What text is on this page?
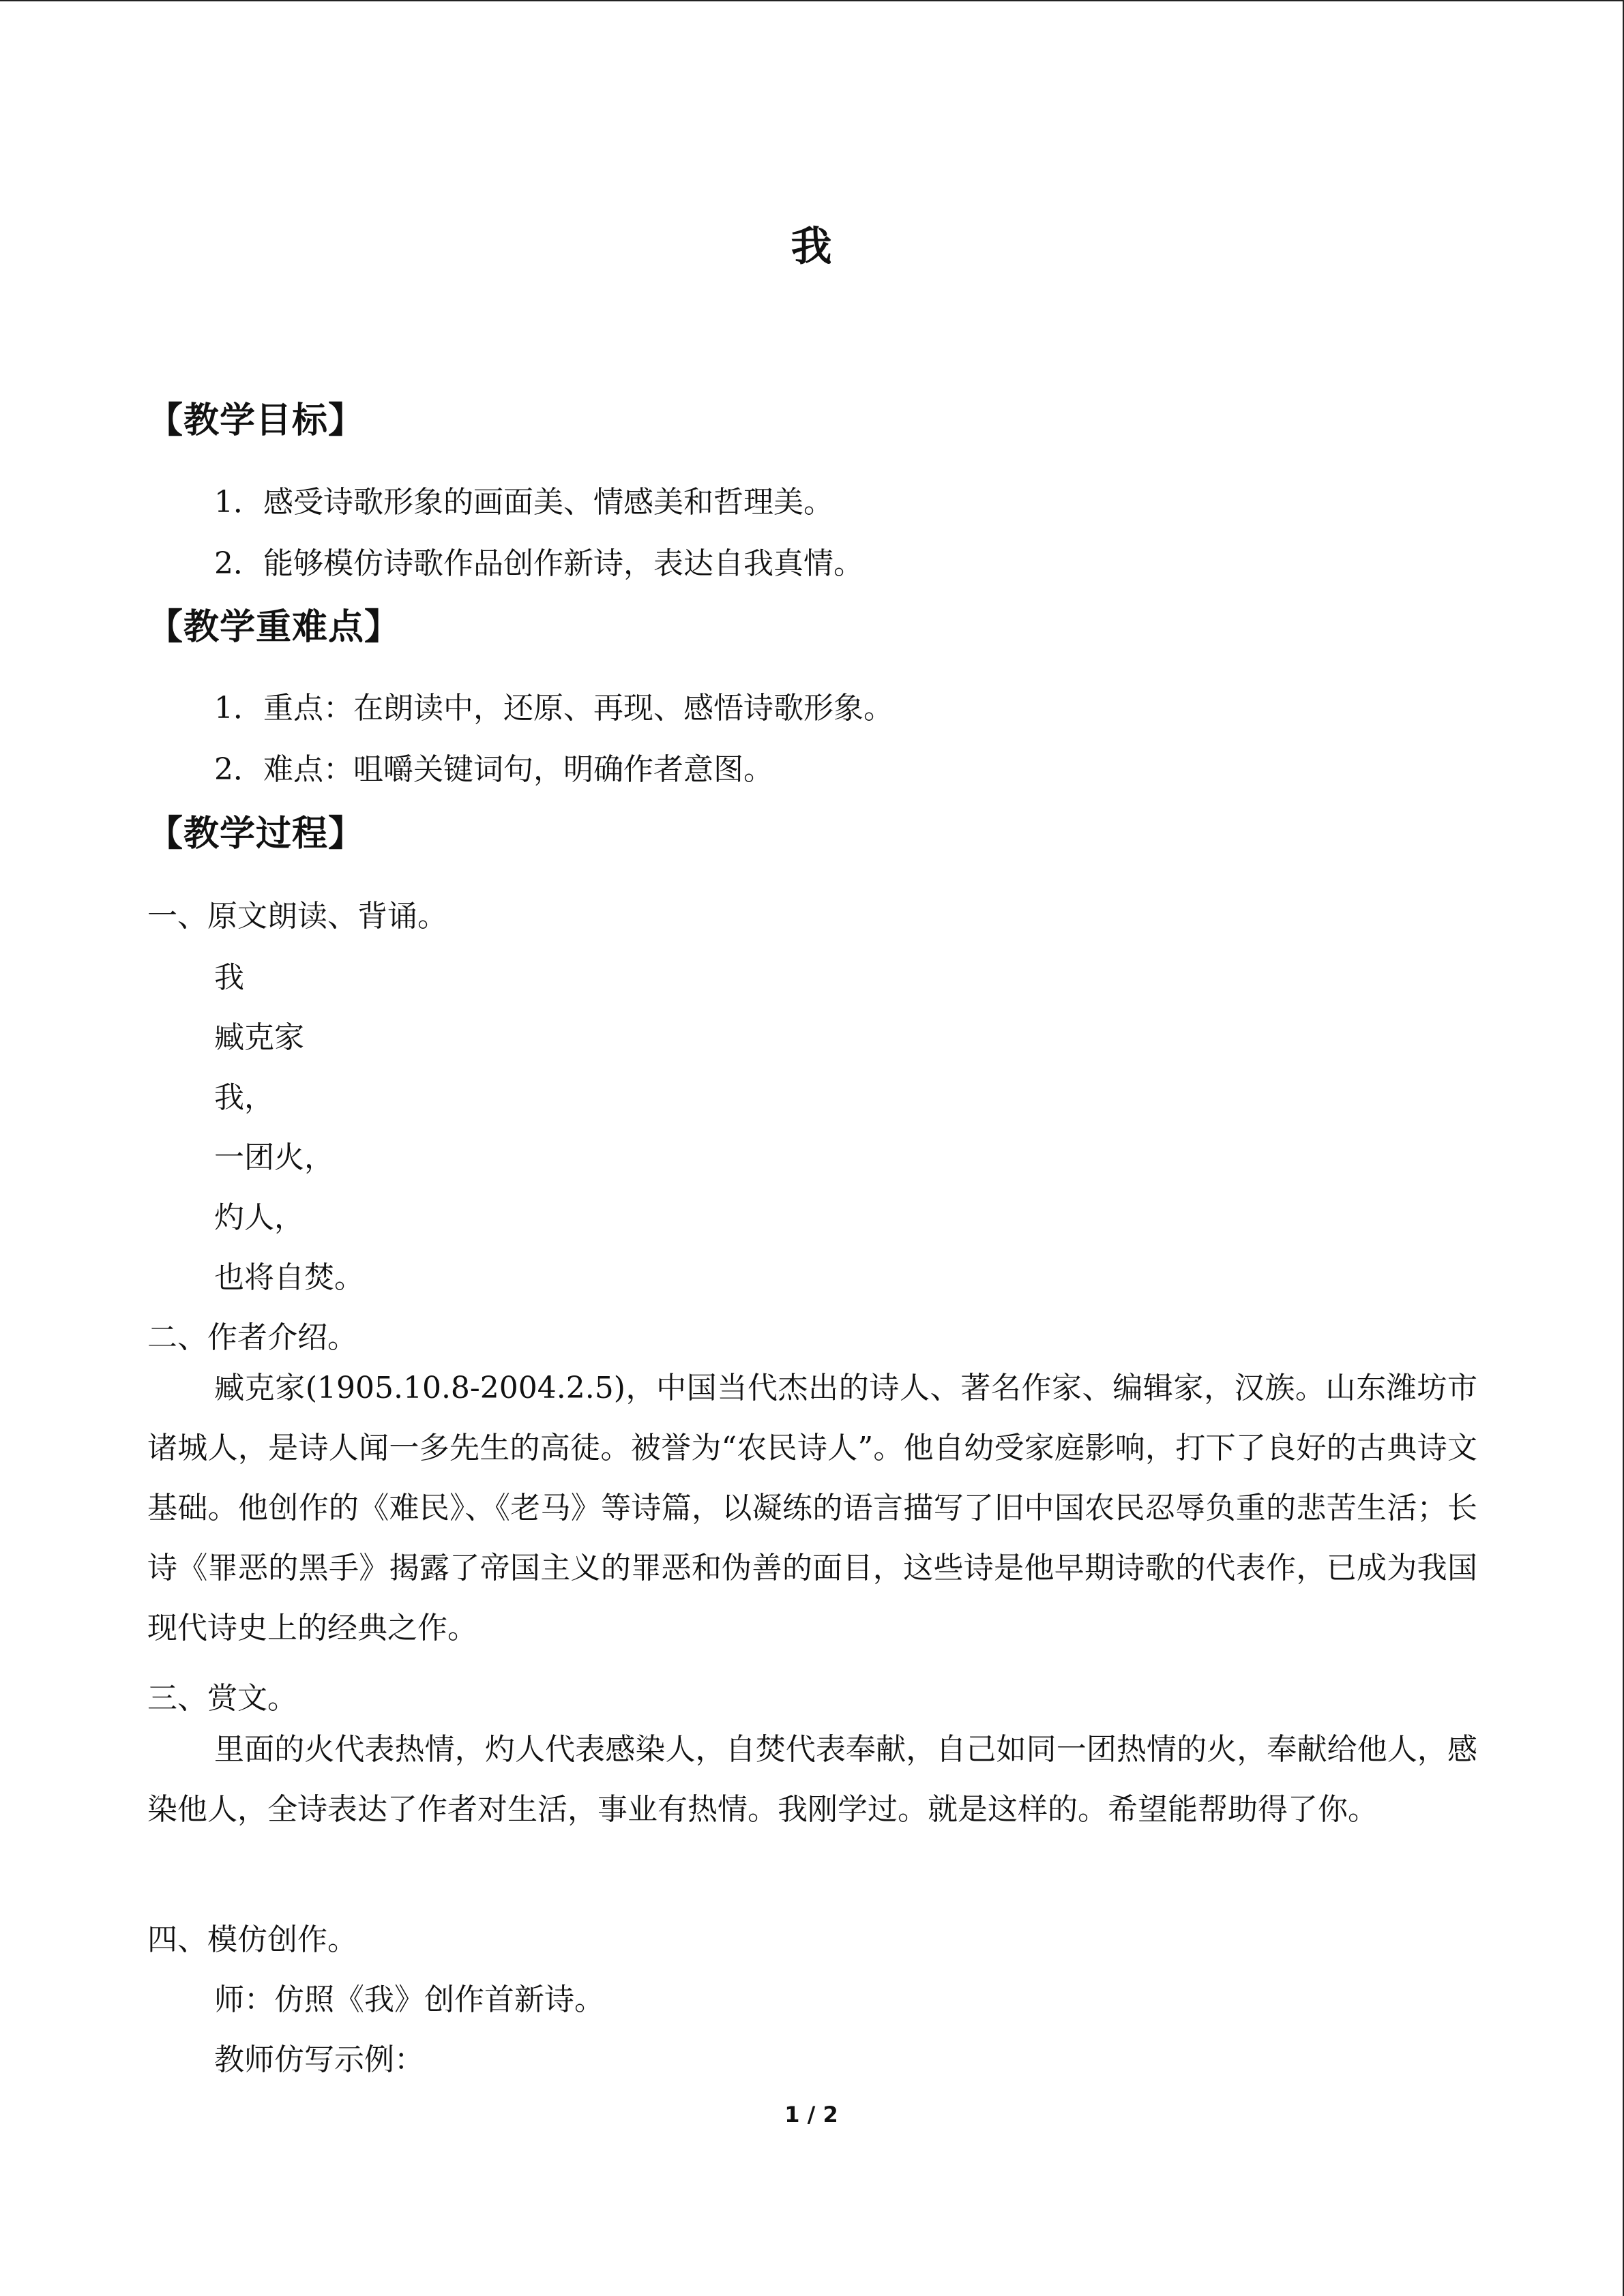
我
【教学目标】
1．感受诗歌形象的画面美、情感美和哲理美。
2．能够模仿诗歌作品创作新诗，表达自我真情。
【教学重难点】
1．重点：在朗读中，还原、再现、感悟诗歌形象。
2．难点：咀嚼关键词句，明确作者意图。
【教学过程】
一、原文朗读、背诵。
我
臧克家
我，
一团火，
灼人，
也将自焚。
二、作者介绍。
臧克家(1905.10.8-2004.2.5)，中国当代杰出的诗人、著名作家、编辑家，汉族。山东潍坊市诸城人，是诗人闻一多先生的高徒。被誉为“农民诗人”。他自幼受家庭影响，打下了良好的古典诗文基础。他创作的《难民》、《老马》等诗篇，以凝练的语言描写了旧中国农民忍辱负重的悲苦生活；长诗《罪恶的黑手》揭露了帝国主义的罪恶和伪善的面目，这些诗是他早期诗歌的代表作，已成为我国现代诗史上的经典之作。
三、赏文。
里面的火代表热情，灼人代表感染人，自焚代表奉献，自己如同一团热情的火，奉献给他人，感染他人，全诗表达了作者对生活，事业有热情。我刚学过。就是这样的。希望能帮助得了你。
四、模仿创作。
师：仿照《我》创作首新诗。
教师仿写示例：
1 / 2
